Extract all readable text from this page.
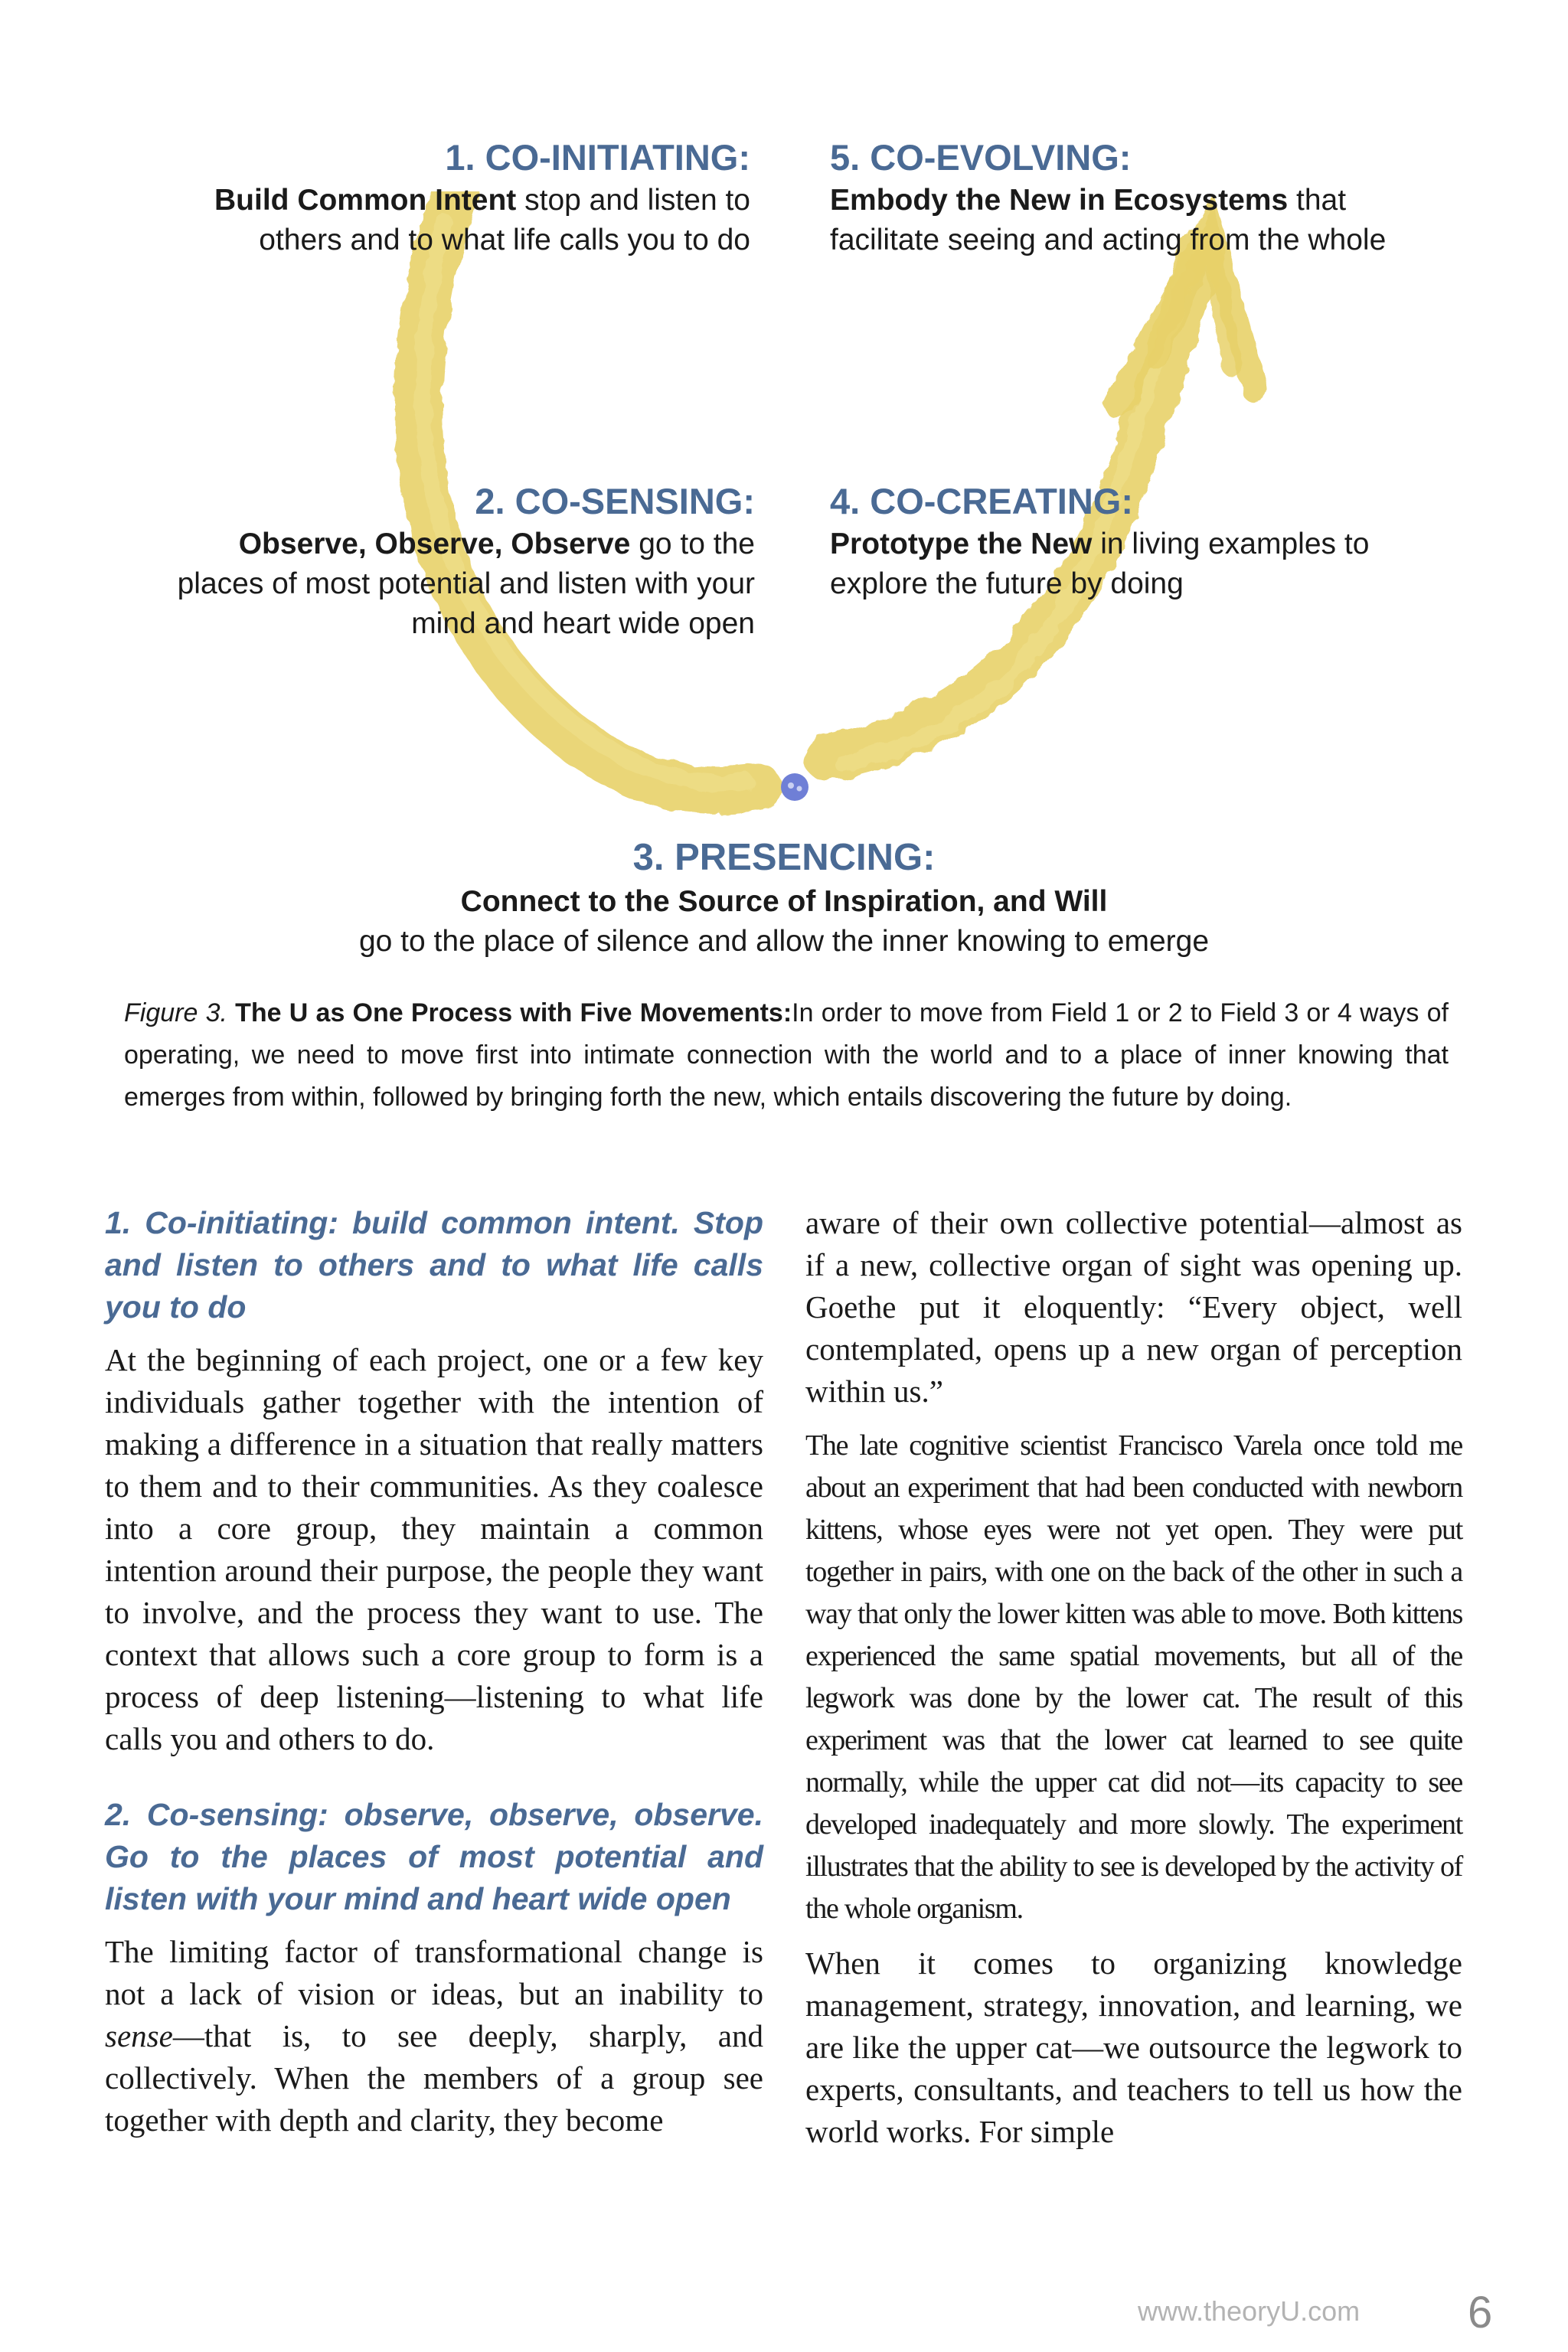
1. CO-INITIATING:
Build Common Intent stop and listen to
others and to what life calls you to do
5. CO-EVOLVING:
Embody the New in Ecosystems that
facilitate seeing and acting from the whole
2. CO-SENSING:
Observe, Observe, Observe go to the
places of most potential and listen with your
mind and heart wide open
4. CO-CREATING:
Prototype the New in living examples to
explore the future by doing
3. PRESENCING:
Connect to the Source of Inspiration, and Will
go to the place of silence and allow the inner knowing to emerge
Figure 3. The U as One Process with Five Movements:In order to move from Field 1 or 2 to Field 3 or 4 ways of operating, we need to move first into intimate connection with the world and to a place of inner knowing that emerges from within, followed by bringing forth the new, which entails discovering the future by doing.

1. Co-initiating: build common intent. Stop and listen to others and to what life calls you to do

At the beginning of each project, one or a few key individuals gather together with the intention of making a difference in a situation that really matters to them and to their communities. As they coalesce into a core group, they maintain a common intention around their purpose, the people they want to involve, and the process they want to use. The context that allows such a core group to form is a process of deep listening—listening to what life calls you and others to do.

2. Co-sensing: observe, observe, observe. Go to the places of most potential and listen with your mind and heart wide open

The limiting factor of transformational change is not a lack of vision or ideas, but an inability to sense—that is, to see deeply, sharply, and collectively. When the members of a group see together with depth and clarity, they become

aware of their own collective potential—almost as if a new, collective organ of sight was opening up. Goethe put it eloquently: “Every object, well contemplated, opens up a new organ of perception within us.”

The late cognitive scientist Francisco Varela once told me about an experiment that had been conducted with newborn kittens, whose eyes were not yet open. They were put together in pairs, with one on the back of the other in such a way that only the lower kitten was able to move. Both kittens experienced the same spatial movements, but all of the legwork was done by the lower cat. The result of this experiment was that the lower cat learned to see quite normally, while the upper cat did not—its capacity to see developed inadequately and more slowly. The experiment illustrates that the ability to see is developed by the activity of the whole organism.

When it comes to organizing knowledge management, strategy, innovation, and learning, we are like the upper cat—we outsource the legwork to experts, consultants, and teachers to tell us how the world works. For simple

www.theoryU.com 6
